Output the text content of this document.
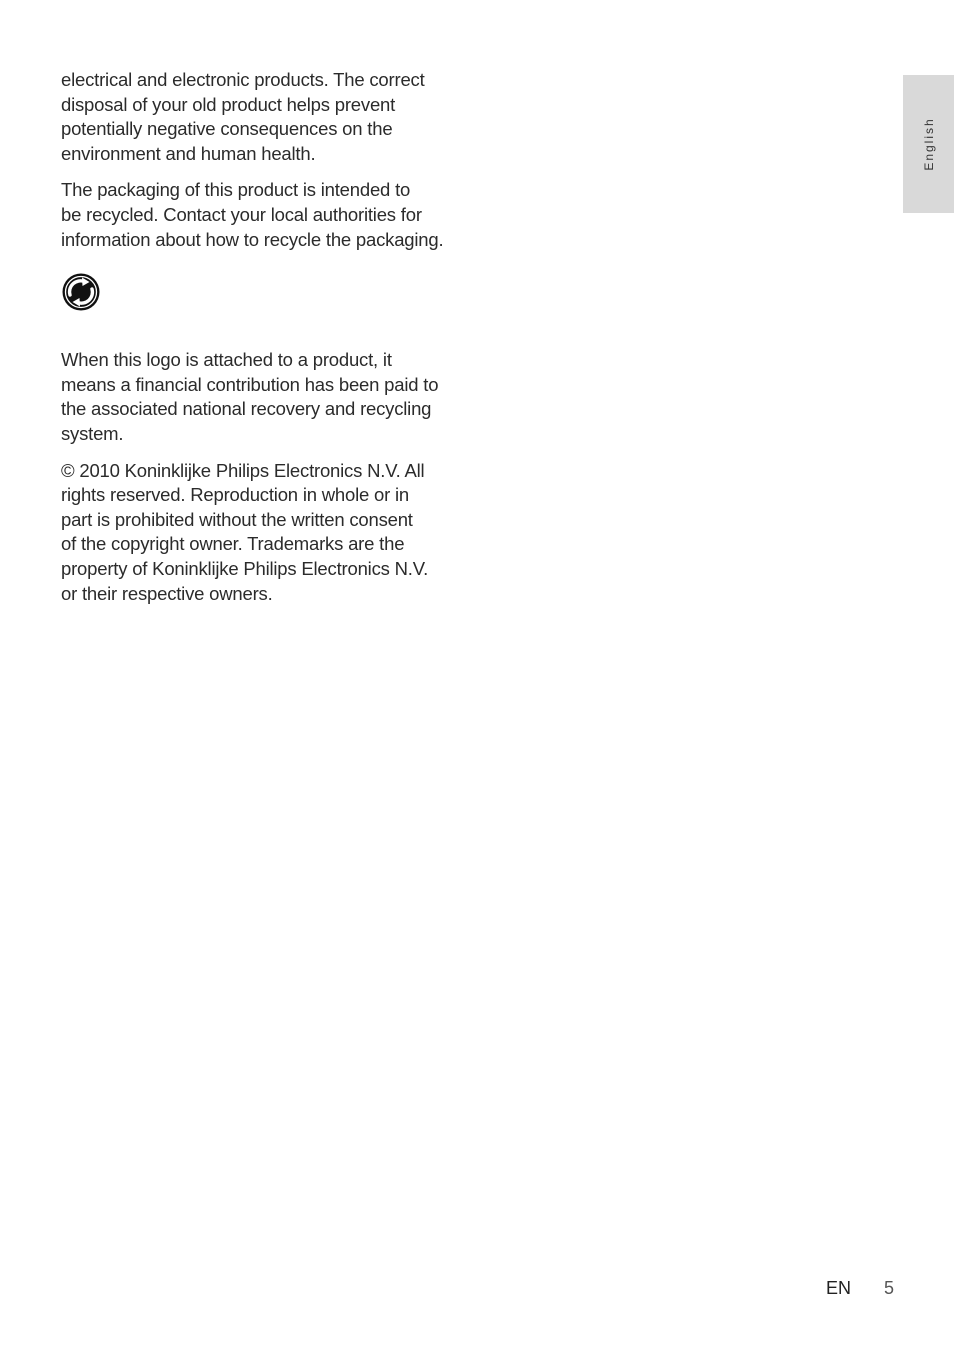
electrical and electronic products. The correct
disposal of your old product helps prevent
potentially negative consequences on the
environment and human health.

The packaging of this product is intended to
be recycled. Contact your local authorities for
information about how to recycle the packaging.

When this logo is attached to a product, it
means a financial contribution has been paid to
the associated national recovery and recycling
system.

© 2010 Koninklijke Philips Electronics N.V. All
rights reserved. Reproduction in whole or in
part is prohibited without the written consent
of the copyright owner. Trademarks are the
property of Koninklijke Philips Electronics N.V.
or their respective owners.

English
EN 5
